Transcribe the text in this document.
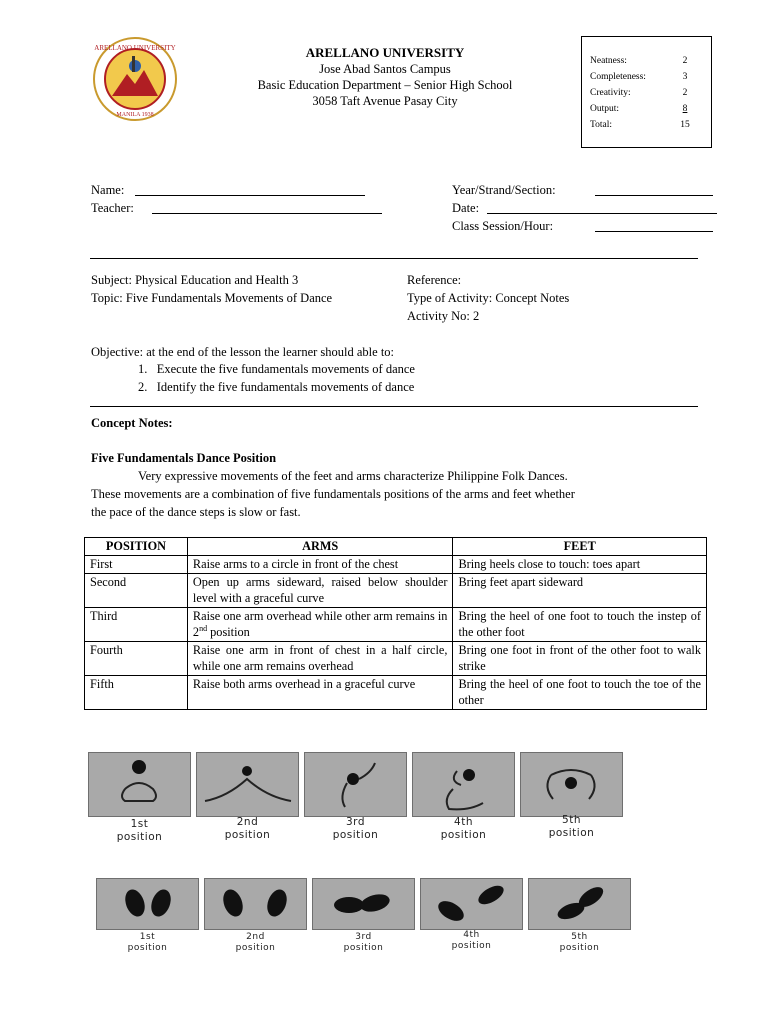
ARELLANO UNIVERSITY
MANILA 1938
ARELLANO UNIVERSITY
Jose Abad Santos Campus
Basic Education Department – Senior High School
3058 Taft Avenue Pasay City
Neatness:	2
Completeness:	3
Creativity:	2
Output:	8
Total:	15
Name:
Teacher:
Year/Strand/Section:
Date:
Class Session/Hour:
Subject: Physical Education and Health 3
Topic: Five Fundamentals Movements of Dance
Reference:
Type of Activity: Concept Notes
Activity No: 2
Objective: at the end of the lesson the learner should able to:
1.   Execute the five fundamentals movements of dance
2.   Identify the five fundamentals movements of dance
Concept Notes:
Five Fundamentals Dance Position
Very expressive movements of the feet and arms characterize Philippine Folk Dances.
These movements are a combination of five fundamentals positions of the arms and feet whether
the pace of the dance steps is slow or fast.
POSITION	ARMS	FEET
First	Raise arms to a circle in front of the chest	Bring heels close to touch: toes apart
Second	Open up arms sideward, raised below shoulder level with a graceful curve	Bring feet apart sideward
Third	Raise one arm overhead while other arm remains in 2nd position	Bring the heel of one foot to touch the instep of the other foot
Fourth	Raise one arm in front of chest in a half circle, while one arm remains overhead	Bring one foot in front of the other foot to walk strike
Fifth	Raise both arms overhead in a graceful curve	Bring the heel of one foot to touch the toe of the other
1st
position
2nd
position
3rd
position
4th
position
5th
position
1st
position
2nd
position
3rd
position
4th
position
5th
position
